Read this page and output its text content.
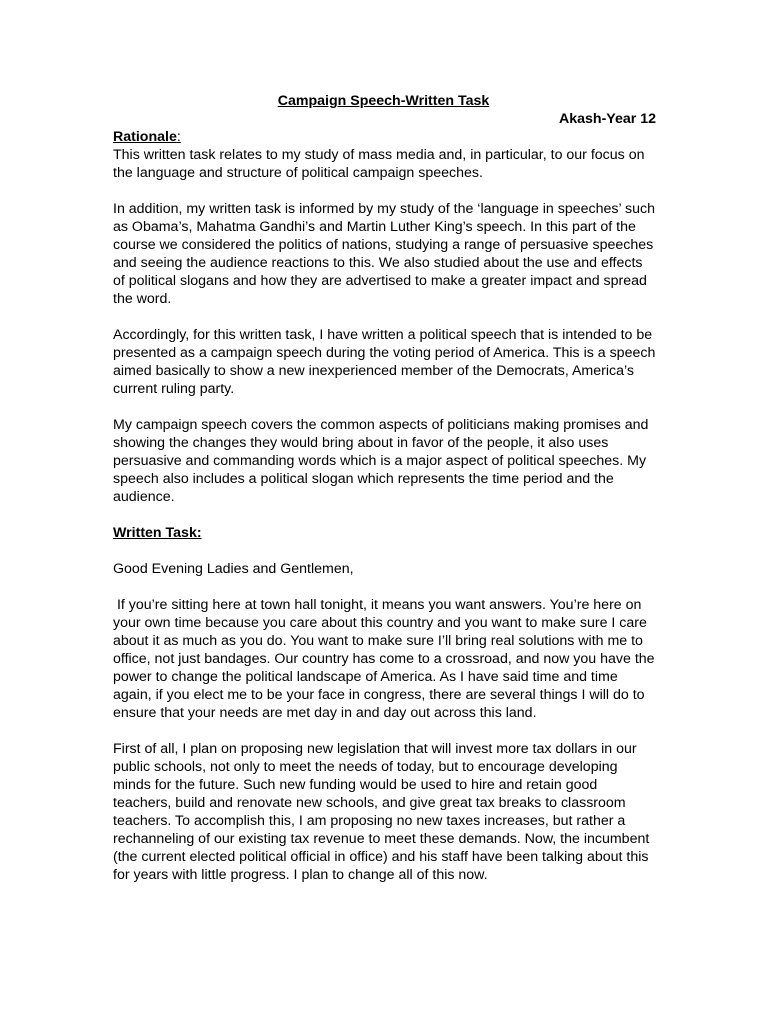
Campaign Speech-Written Task
Akash-Year 12
Rationale:

This written task relates to my study of mass media and, in particular, to our focus on the language and structure of political campaign speeches.

In addition, my written task is informed by my study of the ‘language in speeches’ such as Obama’s, Mahatma Gandhi’s and Martin Luther King’s speech. In this part of the course we considered the politics of nations, studying a range of persuasive speeches and seeing the audience reactions to this. We also studied about the use and effects of political slogans and how they are advertised to make a greater impact and spread the word.

Accordingly, for this written task, I have written a political speech that is intended to be presented as a campaign speech during the voting period of America. This is a speech aimed basically to show a new inexperienced member of the Democrats, America’s current ruling party.

My campaign speech covers the common aspects of politicians making promises and showing the changes they would bring about in favor of the people, it also uses persuasive and commanding words which is a major aspect of political speeches. My speech also includes a political slogan which represents the time period and the audience.

Written Task:

Good Evening Ladies and Gentlemen,

If you’re sitting here at town hall tonight, it means you want answers. You’re here on your own time because you care about this country and you want to make sure I care about it as much as you do. You want to make sure I’ll bring real solutions with me to office, not just bandages. Our country has come to a crossroad, and now you have the power to change the political landscape of America. As I have said time and time again, if you elect me to be your face in congress, there are several things I will do to ensure that your needs are met day in and day out across this land.

First of all, I plan on proposing new legislation that will invest more tax dollars in our public schools, not only to meet the needs of today, but to encourage developing minds for the future. Such new funding would be used to hire and retain good teachers, build and renovate new schools, and give great tax breaks to classroom teachers. To accomplish this, I am proposing no new taxes increases, but rather a rechanneling of our existing tax revenue to meet these demands. Now, the incumbent (the current elected political official in office) and his staff have been talking about this for years with little progress. I plan to change all of this now.
